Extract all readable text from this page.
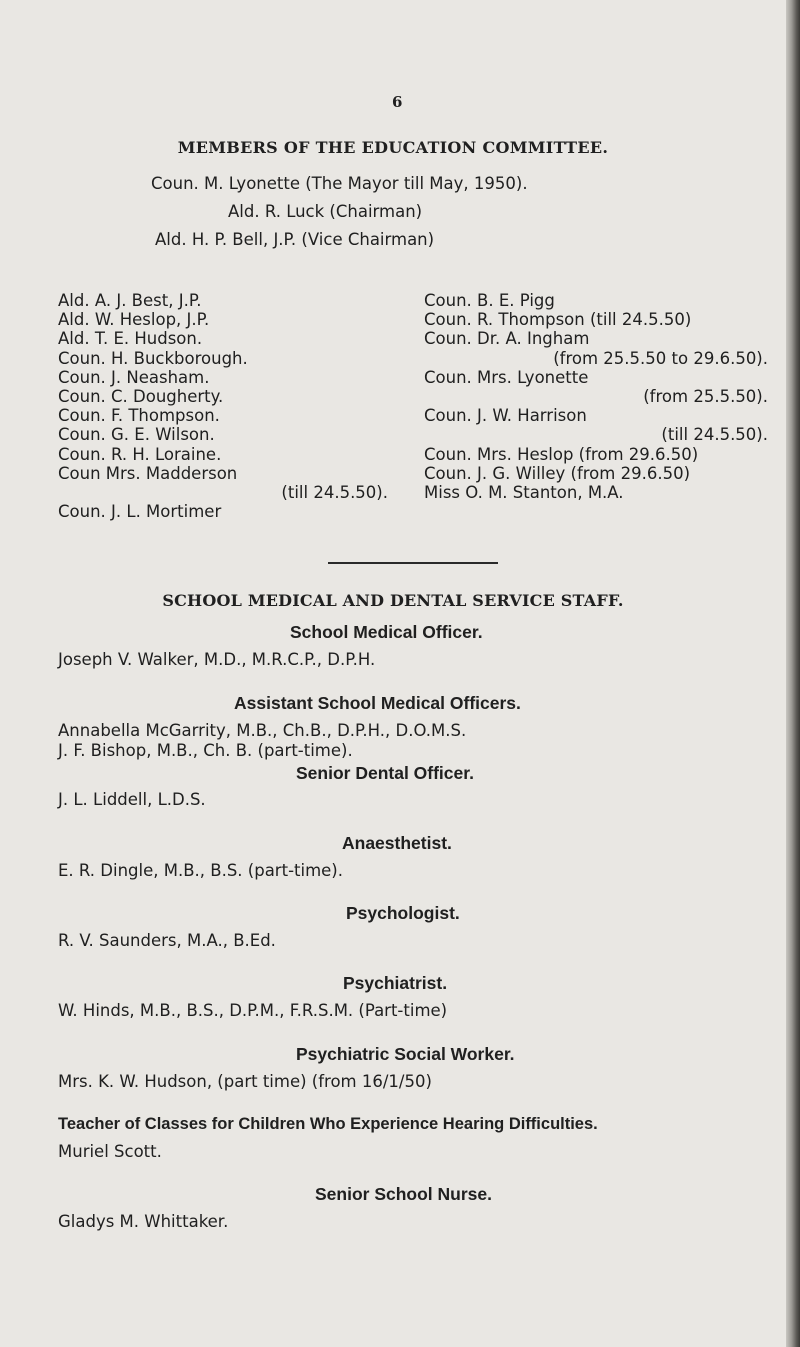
6
MEMBERS OF THE EDUCATION COMMITTEE.
Coun. M. Lyonette (The Mayor till May, 1950).
Ald. R. Luck (Chairman)
Ald. H. P. Bell, J.P. (Vice Chairman)
Ald. A. J. Best, J.P.
Ald. W. Heslop, J.P.
Ald. T. E. Hudson.
Coun. H. Buckborough.
Coun. J. Neasham.
Coun. C. Dougherty.
Coun. F. Thompson.
Coun. G. E. Wilson.
Coun. R. H. Loraine.
Coun Mrs. Madderson
(till 24.5.50).
Coun. J. L. Mortimer
Coun. B. E. Pigg
Coun. R. Thompson (till 24.5.50)
Coun. Dr. A. Ingham
(from 25.5.50 to 29.6.50).
Coun. Mrs. Lyonette
(from 25.5.50).
Coun. J. W. Harrison
(till 24.5.50).
Coun. Mrs. Heslop (from 29.6.50)
Coun. J. G. Willey (from 29.6.50)
Miss O. M. Stanton, M.A.
SCHOOL MEDICAL AND DENTAL SERVICE STAFF.
School Medical Officer.
Joseph V. Walker, M.D., M.R.C.P., D.P.H.
Assistant School Medical Officers.
Annabella McGarrity, M.B., Ch.B., D.P.H., D.O.M.S.
J. F. Bishop, M.B., Ch. B. (part-time).
Senior Dental Officer.
J. L. Liddell, L.D.S.
Anaesthetist.
E. R. Dingle, M.B., B.S. (part-time).
Psychologist.
R. V. Saunders, M.A., B.Ed.
Psychiatrist.
W. Hinds, M.B., B.S., D.P.M., F.R.S.M. (Part-time)
Psychiatric Social Worker.
Mrs. K. W. Hudson, (part time) (from 16/1/50)
Teacher of Classes for Children Who Experience Hearing Difficulties.
Muriel Scott.
Senior School Nurse.
Gladys M. Whittaker.
